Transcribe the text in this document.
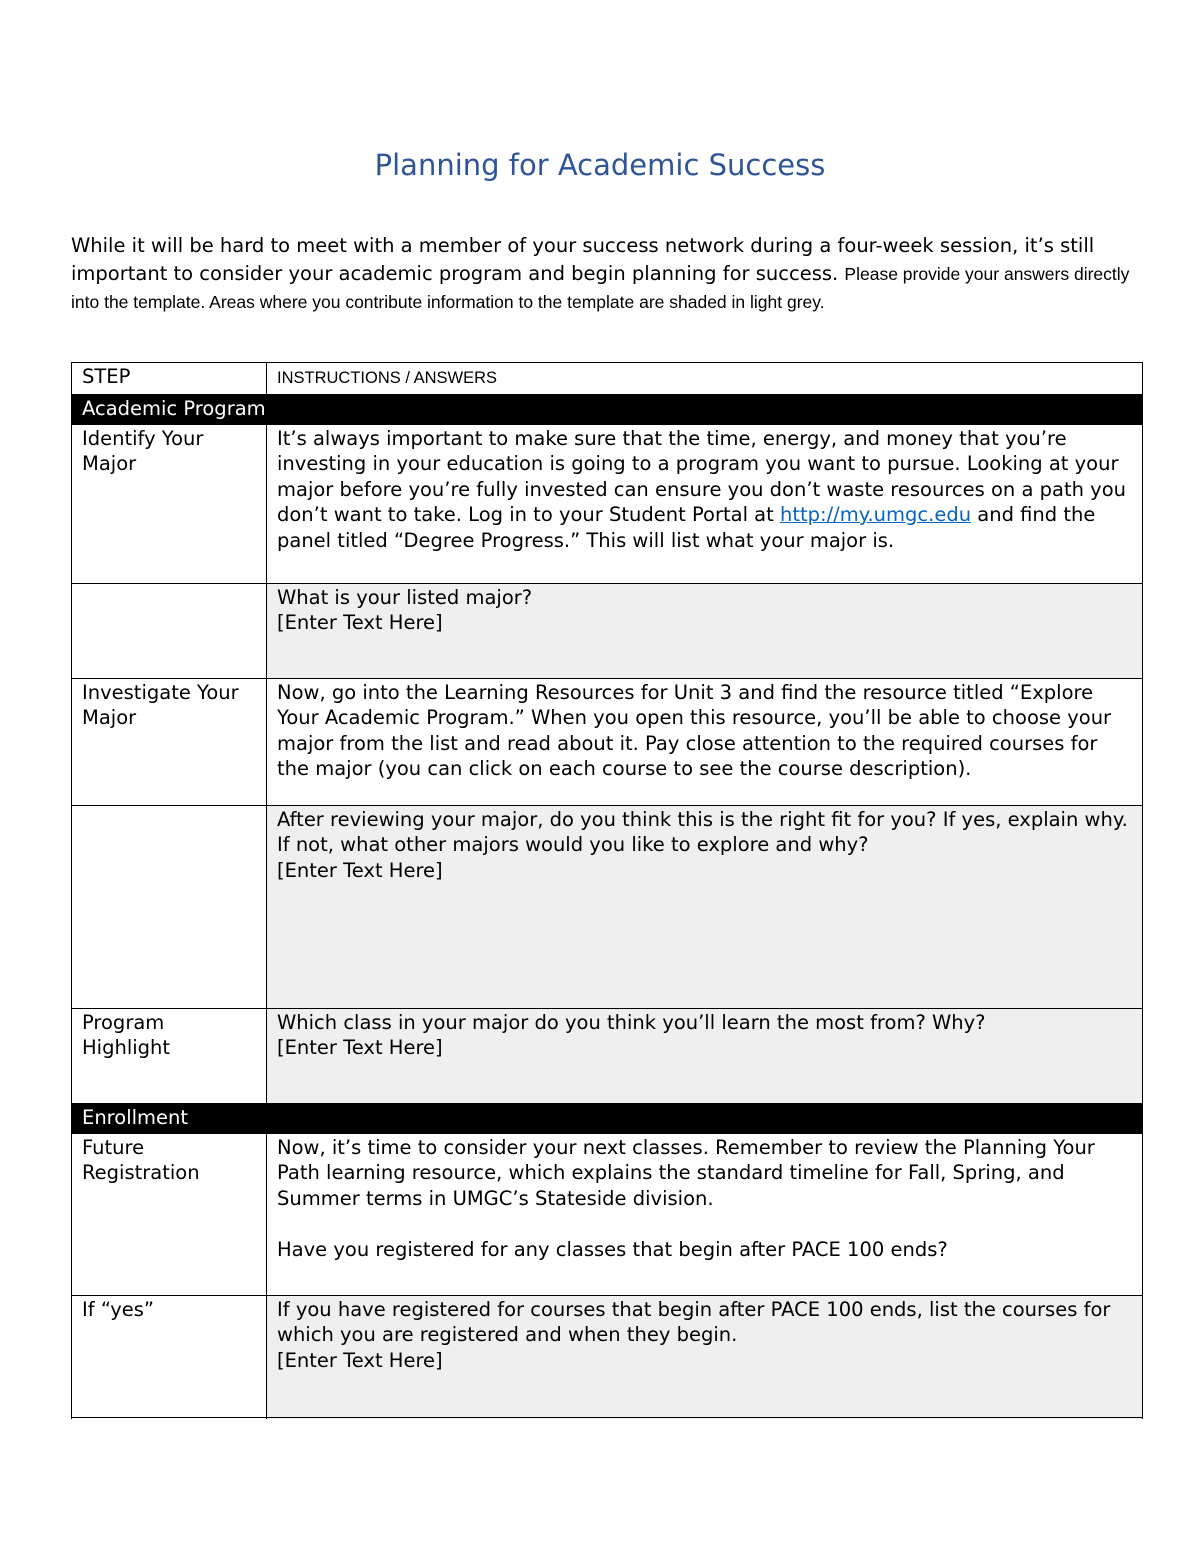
Planning for Academic Success
While it will be hard to meet with a member of your success network during a four-week session, it’s still important to consider your academic program and begin planning for success. Please provide your answers directly into the template. Areas where you contribute information to the template are shaded in light grey.
STEP	INSTRUCTIONS / ANSWERS
Academic Program	
Identify Your Major	It’s always important to make sure that the time, energy, and money that you’re investing in your education is going to a program you want to pursue. Looking at your major before you’re fully invested can ensure you don’t waste resources on a path you don’t want to take. Log in to your Student Portal at http://my.umgc.edu and find the panel titled “Degree Progress.” This will list what your major is.

	What is your listed major?
[Enter Text Here]

Investigate Your Major	Now, go into the Learning Resources for Unit 3 and find the resource titled “Explore Your Academic Program.” When you open this resource, you’ll be able to choose your major from the list and read about it. Pay close attention to the required courses for the major (you can click on each course to see the course description).

	After reviewing your major, do you think this is the right fit for you? If yes, explain why. If not, what other majors would you like to explore and why?
[Enter Text Here]

Program Highlight	Which class in your major do you think you’ll learn the most from? Why?
[Enter Text Here]

Enrollment	
Future Registration	Now, it’s time to consider your next classes. Remember to review the Planning Your Path learning resource, which explains the standard timeline for Fall, Spring, and Summer terms in UMGC’s Stateside division.
Have you registered for any classes that begin after PACE 100 ends?

If “yes”	If you have registered for courses that begin after PACE 100 ends, list the courses for which you are registered and when they begin.
[Enter Text Here]
